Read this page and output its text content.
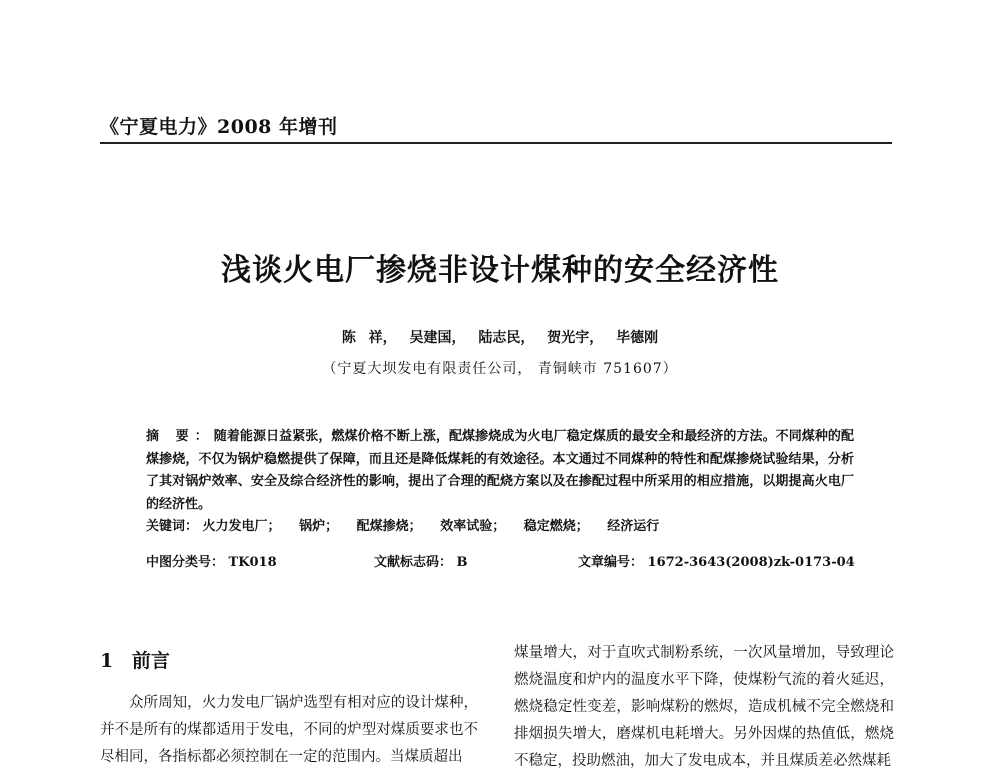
《宁夏电力》2008 年增刊
浅谈火电厂掺烧非设计煤种的安全经济性
陈 祥， 吴建国， 陆志民， 贺光宇， 毕德刚
（宁夏大坝发电有限责任公司， 青铜峡市 751607）

摘 要：随着能源日益紧张，燃煤价格不断上涨，配煤掺烧成为火电厂稳定煤质的最安全和最经济的方法。不同煤种的配煤掺烧，不仅为锅炉稳燃提供了保障，而且还是降低煤耗的有效途径。本文通过不同煤种的特性和配煤掺烧试验结果，分析了其对锅炉效率、安全及综合经济性的影响，提出了合理的配烧方案以及在掺配过程中所采用的相应措施，以期提高火电厂的经济性。

关键词： 火力发电厂； 锅炉； 配煤掺烧； 效率试验； 稳定燃烧； 经济运行

中图分类号： TK018	文献标志码： B	文章编号： 1672-3643(2008)zk-0173-04
1 前言

众所周知，火力发电厂锅炉选型有相对应的设计煤种，并不是所有的煤都适用于发电，不同的炉型对煤质要求也不尽相同，各指标都必须控制在一定的范围内。当煤质超出

煤量增大，对于直吹式制粉系统，一次风量增加，导致理论燃烧温度和炉内的温度水平下降，使煤粉气流的着火延迟，燃烧稳定性变差，影响煤粉的燃烬，造成机械不完全燃烧和排烟损失增大，磨煤机电耗增大。另外因煤的热值低，燃烧不稳定，投助燃油，加大了发电成本，并且煤质差必然煤耗
